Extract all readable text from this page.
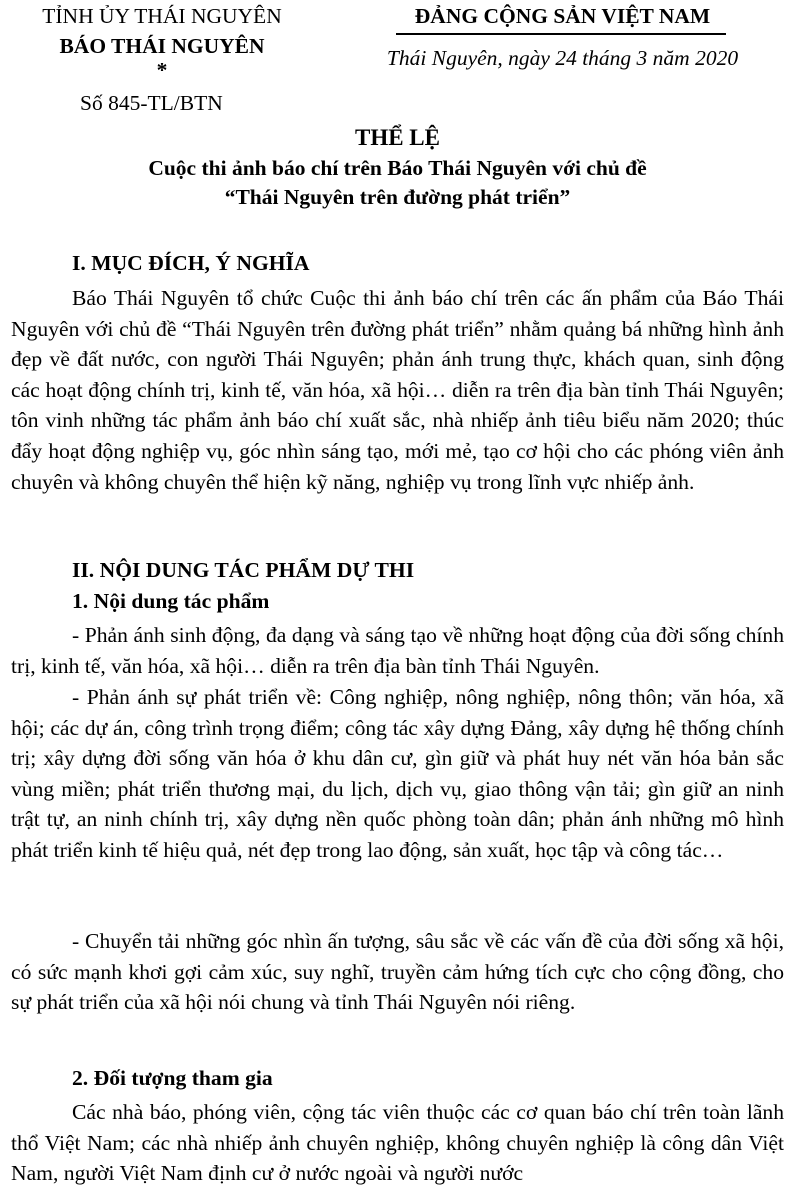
TỈNH ỦY THÁI NGUYÊN
BÁO THÁI NGUYÊN
*
Số 845-TL/BTN
ĐẢNG CỘNG SẢN VIỆT NAM
Thái Nguyên, ngày 24 tháng 3 năm 2020
THỂ LỆ
Cuộc thi ảnh báo chí trên Báo Thái Nguyên với chủ đề
“Thái Nguyên trên đường phát triển”
I. MỤC ĐÍCH, Ý NGHĨA
Báo Thái Nguyên tổ chức Cuộc thi ảnh báo chí trên các ấn phẩm của Báo Thái Nguyên với chủ đề “Thái Nguyên trên đường phát triển” nhằm quảng bá những hình ảnh đẹp về đất nước, con người Thái Nguyên; phản ánh trung thực, khách quan, sinh động các hoạt động chính trị, kinh tế, văn hóa, xã hội… diễn ra trên địa bàn tỉnh Thái Nguyên; tôn vinh những tác phẩm ảnh báo chí xuất sắc, nhà nhiếp ảnh tiêu biểu năm 2020; thúc đẩy hoạt động nghiệp vụ, góc nhìn sáng tạo, mới mẻ, tạo cơ hội cho các phóng viên ảnh chuyên và không chuyên thể hiện kỹ năng, nghiệp vụ trong lĩnh vực nhiếp ảnh.
II. NỘI DUNG TÁC PHẨM DỰ THI
1. Nội dung tác phẩm
- Phản ánh sinh động, đa dạng và sáng tạo về những hoạt động của đời sống chính trị, kinh tế, văn hóa, xã hội… diễn ra trên địa bàn tỉnh Thái Nguyên.
- Phản ánh sự phát triển về: Công nghiệp, nông nghiệp, nông thôn; văn hóa, xã hội; các dự án, công trình trọng điểm; công tác xây dựng Đảng, xây dựng hệ thống chính trị; xây dựng đời sống văn hóa ở khu dân cư, gìn giữ và phát huy nét văn hóa bản sắc vùng miền; phát triển thương mại, du lịch, dịch vụ, giao thông vận tải; gìn giữ an ninh trật tự, an ninh chính trị, xây dựng nền quốc phòng toàn dân; phản ánh những mô hình phát triển kinh tế hiệu quả, nét đẹp trong lao động, sản xuất, học tập và công tác…
- Chuyển tải những góc nhìn ấn tượng, sâu sắc về các vấn đề của đời sống xã hội, có sức mạnh khơi gợi cảm xúc, suy nghĩ, truyền cảm hứng tích cực cho cộng đồng, cho sự phát triển của xã hội nói chung và tỉnh Thái Nguyên nói riêng.
2. Đối tượng tham gia
Các nhà báo, phóng viên, cộng tác viên thuộc các cơ quan báo chí trên toàn lãnh thổ Việt Nam; các nhà nhiếp ảnh chuyên nghiệp, không chuyên nghiệp là công dân Việt Nam, người Việt Nam định cư ở nước ngoài và người nước
